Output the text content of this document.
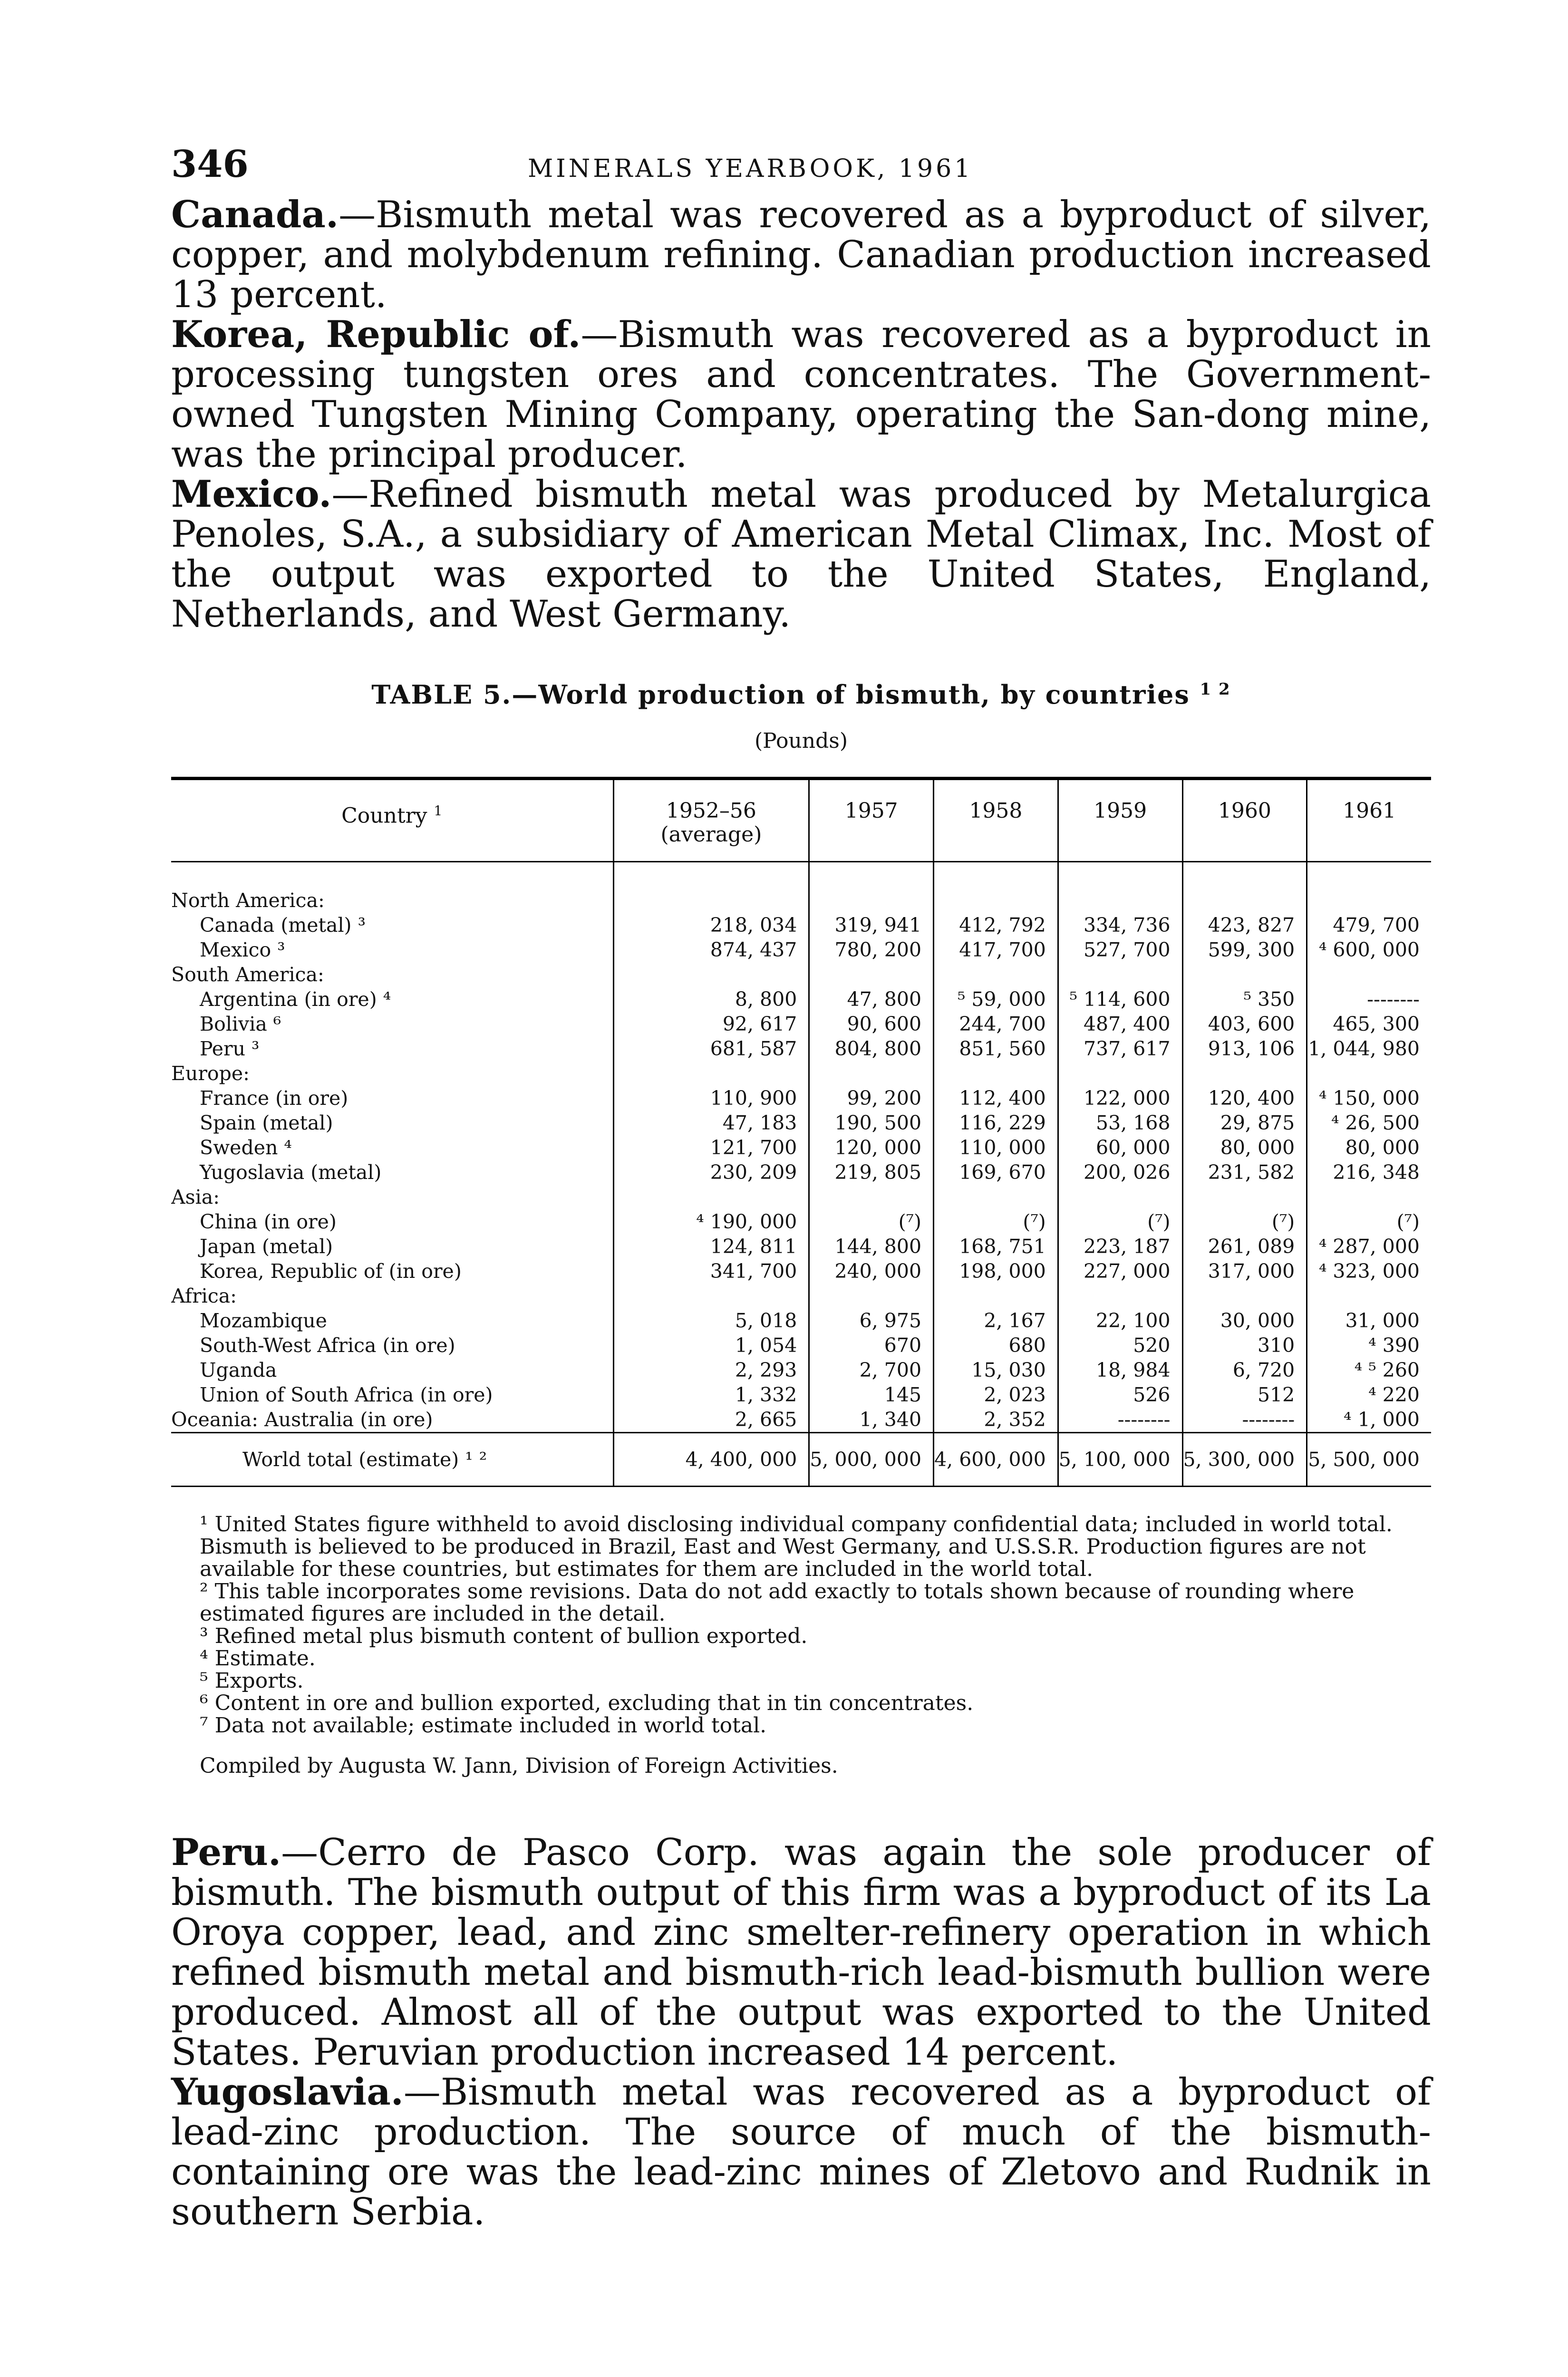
346	MINERALS YEARBOOK, 1961

Canada.—Bismuth metal was recovered as a byproduct of silver, copper, and molybdenum refining. Canadian production increased 13 percent.

Korea, Republic of.—Bismuth was recovered as a byproduct in processing tungsten ores and concentrates. The Government-owned Tungsten Mining Company, operating the San-dong mine, was the principal producer.

Mexico.—Refined bismuth metal was produced by Metalurgica Penoles, S.A., a subsidiary of American Metal Climax, Inc. Most of the output was exported to the United States, England, Netherlands, and West Germany.

TABLE 5.—World production of bismuth, by countries $^{1 2}$
(Pounds)
Country $^1$	1952–56 (average)	1957	1958	1959	1960	1961
North America:						
Canada (metal) ³	218, 034	319, 941	412, 792	334, 736	423, 827	479, 700
Mexico ³	874, 437	780, 200	417, 700	527, 700	599, 300	⁴ 600, 000
South America:						
Argentina (in ore) ⁴	8, 800	47, 800	⁵ 59, 000	⁵ 114, 600	⁵ 350	--------
Bolivia ⁶	92, 617	90, 600	244, 700	487, 400	403, 600	465, 300
Peru ³	681, 587	804, 800	851, 560	737, 617	913, 106	1, 044, 980
Europe:						
France (in ore)	110, 900	99, 200	112, 400	122, 000	120, 400	⁴ 150, 000
Spain (metal)	47, 183	190, 500	116, 229	53, 168	29, 875	⁴ 26, 500
Sweden ⁴	121, 700	120, 000	110, 000	60, 000	80, 000	80, 000
Yugoslavia (metal)	230, 209	219, 805	169, 670	200, 026	231, 582	216, 348
Asia:						
China (in ore)	⁴ 190, 000	(⁷)	(⁷)	(⁷)	(⁷)	(⁷)
Japan (metal)	124, 811	144, 800	168, 751	223, 187	261, 089	⁴ 287, 000
Korea, Republic of (in ore)	341, 700	240, 000	198, 000	227, 000	317, 000	⁴ 323, 000
Africa:						
Mozambique	5, 018	6, 975	2, 167	22, 100	30, 000	31, 000
South-West Africa (in ore)	1, 054	670	680	520	310	⁴ 390
Uganda	2, 293	2, 700	15, 030	18, 984	6, 720	⁴ ⁵ 260
Union of South Africa (in ore)	1, 332	145	2, 023	526	512	⁴ 220
Oceania: Australia (in ore)	2, 665	1, 340	2, 352	--------	--------	⁴ 1, 000
World total (estimate) ¹ ²	4, 400, 000	5, 000, 000	4, 600, 000	5, 100, 000	5, 300, 000	5, 500, 000
¹ United States figure withheld to avoid disclosing individual company confidential data; included in world total. Bismuth is believed to be produced in Brazil, East and West Germany, and U.S.S.R. Production figures are not available for these countries, but estimates for them are included in the world total.
² This table incorporates some revisions. Data do not add exactly to totals shown because of rounding where estimated figures are included in the detail.
³ Refined metal plus bismuth content of bullion exported.
⁴ Estimate.
⁵ Exports.
⁶ Content in ore and bullion exported, excluding that in tin concentrates.
⁷ Data not available; estimate included in world total.
Compiled by Augusta W. Jann, Division of Foreign Activities.

Peru.—Cerro de Pasco Corp. was again the sole producer of bismuth. The bismuth output of this firm was a byproduct of its La Oroya copper, lead, and zinc smelter-refinery operation in which refined bismuth metal and bismuth-rich lead-bismuth bullion were produced. Almost all of the output was exported to the United States. Peruvian production increased 14 percent.

Yugoslavia.—Bismuth metal was recovered as a byproduct of lead-zinc production. The source of much of the bismuth-containing ore was the lead-zinc mines of Zletovo and Rudnik in southern Serbia.
